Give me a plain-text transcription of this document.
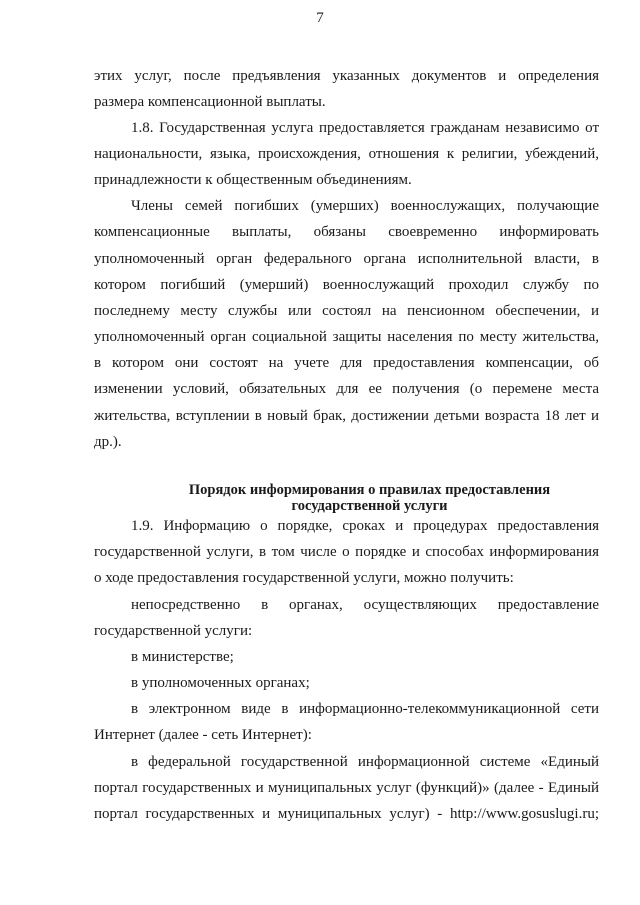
7
этих услуг, после предъявления указанных документов и определения
размера компенсационной выплаты.
1.8. Государственная услуга предоставляется гражданам независимо от
национальности, языка, происхождения, отношения к религии, убеждений,
принадлежности к общественным объединениям.
Члены семей погибших (умерших) военнослужащих, получающие
компенсационные выплаты, обязаны своевременно информировать
уполномоченный орган федерального органа исполнительной власти, в
котором погибший (умерший) военнослужащий проходил службу по
последнему месту службы или состоял на пенсионном обеспечении, и
уполномоченный орган социальной защиты населения по месту жительства,
в котором они состоят на учете для предоставления компенсации, об
изменении условий, обязательных для ее получения (о перемене места
жительства, вступлении в новый брак, достижении детьми возраста 18 лет и
др.).
Порядок информирования о правилах предоставления
государственной услуги
1.9. Информацию о порядке, сроках и процедурах предоставления
государственной услуги, в том числе о порядке и способах информирования
о ходе предоставления государственной услуги, можно получить:
непосредственно в органах, осуществляющих предоставление
государственной услуги:
в министерстве;
в уполномоченных органах;
в электронном виде в информационно-телекоммуникационной сети
Интернет (далее - сеть Интернет):
в федеральной государственной информационной системе «Единый
портал государственных и муниципальных услуг (функций)» (далее - Единый
портал государственных и муниципальных услуг) - http://www.gosuslugi.ru;
